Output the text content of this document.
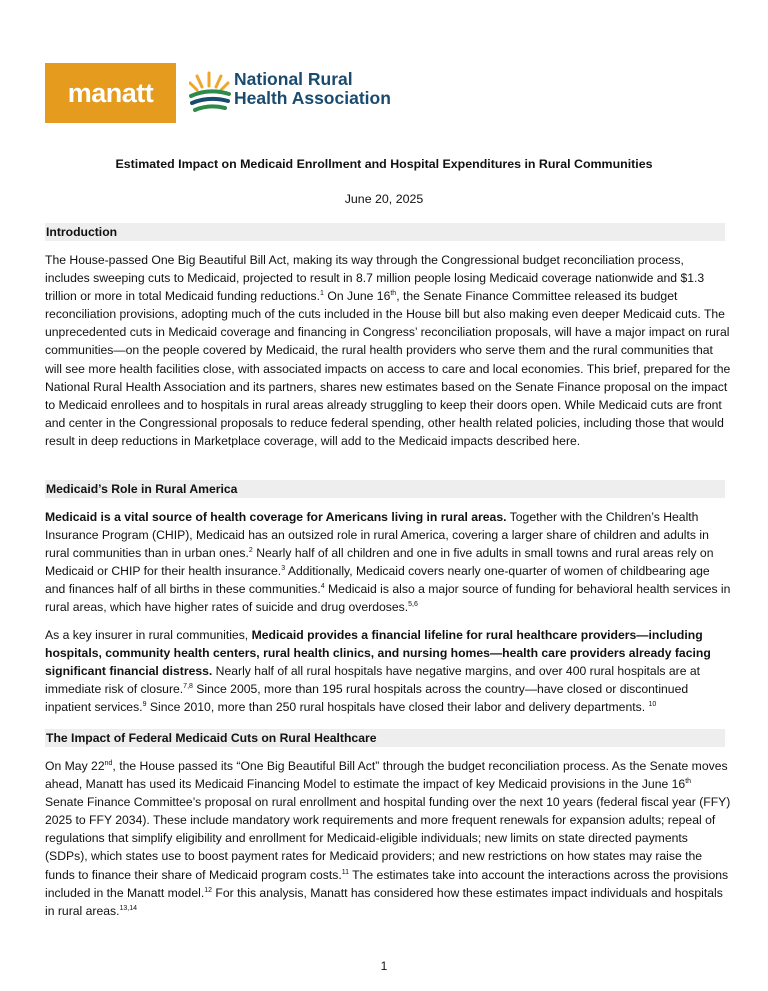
manatt	National Rural
Health Association
Estimated Impact on Medicaid Enrollment and Hospital Expenditures in Rural Communities
June 20, 2025
Introduction

The House-passed One Big Beautiful Bill Act, making its way through the Congressional budget reconciliation process, includes sweeping cuts to Medicaid, projected to result in 8.7 million people losing Medicaid coverage nationwide and $1.3 trillion or more in total Medicaid funding reductions.$^1$ On June 16th, the Senate Finance Committee released its budget reconciliation provisions, adopting much of the cuts included in the House bill but also making even deeper Medicaid cuts. The unprecedented cuts in Medicaid coverage and financing in Congress’ reconciliation proposals, will have a major impact on rural communities—on the people covered by Medicaid, the rural health providers who serve them and the rural communities that will see more health facilities close, with associated impacts on access to care and local economies. This brief, prepared for the National Rural Health Association and its partners, shares new estimates based on the Senate Finance proposal on the impact to Medicaid enrollees and to hospitals in rural areas already struggling to keep their doors open. While Medicaid cuts are front and center in the Congressional proposals to reduce federal spending, other health related policies, including those that would result in deep reductions in Marketplace coverage, will add to the Medicaid impacts described here.

Medicaid’s Role in Rural America

Medicaid is a vital source of health coverage for Americans living in rural areas. Together with the Children’s Health Insurance Program (CHIP), Medicaid has an outsized role in rural America, covering a larger share of children and adults in rural communities than in urban ones.$^2$ Nearly half of all children and one in five adults in small towns and rural areas rely on Medicaid or CHIP for their health insurance.$^3$ Additionally, Medicaid covers nearly one-quarter of women of childbearing age and finances half of all births in these communities.$^4$ Medicaid is also a major source of funding for behavioral health services in rural areas, which have higher rates of suicide and drug overdoses.$^{5,6}$

As a key insurer in rural communities, Medicaid provides a financial lifeline for rural healthcare providers—including hospitals, community health centers, rural health clinics, and nursing homes—health care providers already facing significant financial distress. Nearly half of all rural hospitals have negative margins, and over 400 rural hospitals are at immediate risk of closure.$^{7,8}$ Since 2005, more than 195 rural hospitals across the country—have closed or discontinued inpatient services.$^9$ Since 2010, more than 250 rural hospitals have closed their labor and delivery departments. $^{10}$

The Impact of Federal Medicaid Cuts on Rural Healthcare

On May 22nd, the House passed its “One Big Beautiful Bill Act” through the budget reconciliation process. As the Senate moves ahead, Manatt has used its Medicaid Financing Model to estimate the impact of key Medicaid provisions in the June 16th Senate Finance Committee’s proposal on rural enrollment and hospital funding over the next 10 years (federal fiscal year (FFY) 2025 to FFY 2034). These include mandatory work requirements and more frequent renewals for expansion adults; repeal of regulations that simplify eligibility and enrollment for Medicaid-eligible individuals; new limits on state directed payments (SDPs), which states use to boost payment rates for Medicaid providers; and new restrictions on how states may raise the funds to finance their share of Medicaid program costs.$^{11}$ The estimates take into account the interactions across the provisions included in the Manatt model.$^{12}$ For this analysis, Manatt has considered how these estimates impact individuals and hospitals in rural areas.$^{13,14}$

1
